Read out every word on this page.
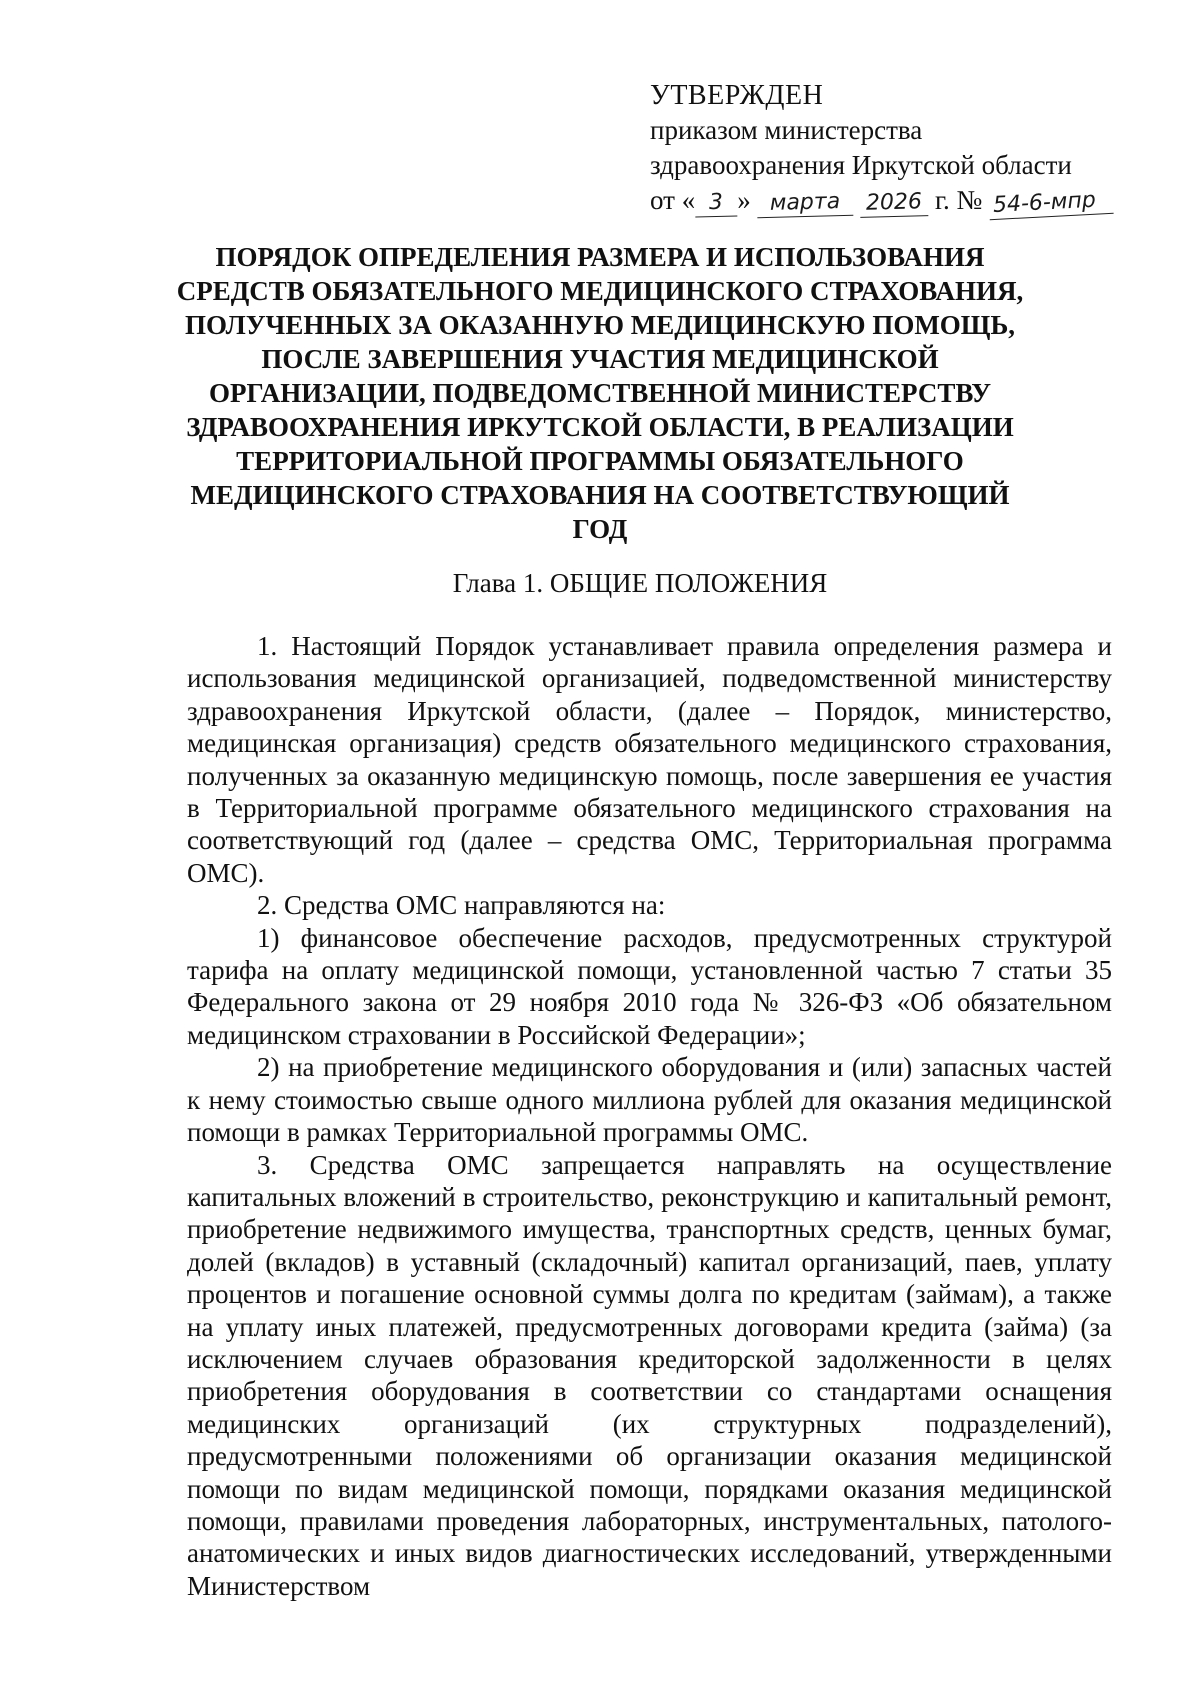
УТВЕРЖДЕН
приказом министерства
здравоохранения Иркутской области
от « 3 » марта 2026 г. № 54-6-мпр
ПОРЯДОК ОПРЕДЕЛЕНИЯ РАЗМЕРА И ИСПОЛЬЗОВАНИЯ
СРЕДСТВ ОБЯЗАТЕЛЬНОГО МЕДИЦИНСКОГО СТРАХОВАНИЯ,
ПОЛУЧЕННЫХ ЗА ОКАЗАННУЮ МЕДИЦИНСКУЮ ПОМОЩЬ,
ПОСЛЕ ЗАВЕРШЕНИЯ УЧАСТИЯ МЕДИЦИНСКОЙ
ОРГАНИЗАЦИИ, ПОДВЕДОМСТВЕННОЙ МИНИСТЕРСТВУ
ЗДРАВООХРАНЕНИЯ ИРКУТСКОЙ ОБЛАСТИ, В РЕАЛИЗАЦИИ
ТЕРРИТОРИАЛЬНОЙ ПРОГРАММЫ ОБЯЗАТЕЛЬНОГО
МЕДИЦИНСКОГО СТРАХОВАНИЯ НА СООТВЕТСТВУЮЩИЙ
ГОД
Глава 1. ОБЩИЕ ПОЛОЖЕНИЯ

1. Настоящий Порядок устанавливает правила определения размера и использования медицинской организацией, подведомственной министерству здравоохранения Иркутской области, (далее – Порядок, министерство, медицинская организация) средств обязательного медицинского страхования, полученных за оказанную медицинскую помощь, после завершения ее участия в Территориальной программе обязательного медицинского страхования на соответствующий год (далее – средства ОМС, Территориальная программа ОМС).

2. Средства ОМС направляются на:

1) финансовое обеспечение расходов, предусмотренных структурой тарифа на оплату медицинской помощи, установленной частью 7 статьи 35 Федерального закона от 29 ноября 2010 года № 326-ФЗ «Об обязательном медицинском страховании в Российской Федерации»;

2) на приобретение медицинского оборудования и (или) запасных частей к нему стоимостью свыше одного миллиона рублей для оказания медицинской помощи в рамках Территориальной программы ОМС.

3. Средства ОМС запрещается направлять на осуществление капитальных вложений в строительство, реконструкцию и капитальный ремонт, приобретение недвижимого имущества, транспортных средств, ценных бумаг, долей (вкладов) в уставный (складочный) капитал организаций, паев, уплату процентов и погашение основной суммы долга по кредитам (займам), а также на уплату иных платежей, предусмотренных договорами кредита (займа) (за исключением случаев образования кредиторской задолженности в целях приобретения оборудования в соответствии со стандартами оснащения медицинских организаций (их структурных подразделений), предусмотренными положениями об организации оказания медицинской помощи по видам медицинской помощи, порядками оказания медицинской помощи, правилами проведения лабораторных, инструментальных, патолого-анатомических и иных видов диагностических исследований, утвержденными Министерством
